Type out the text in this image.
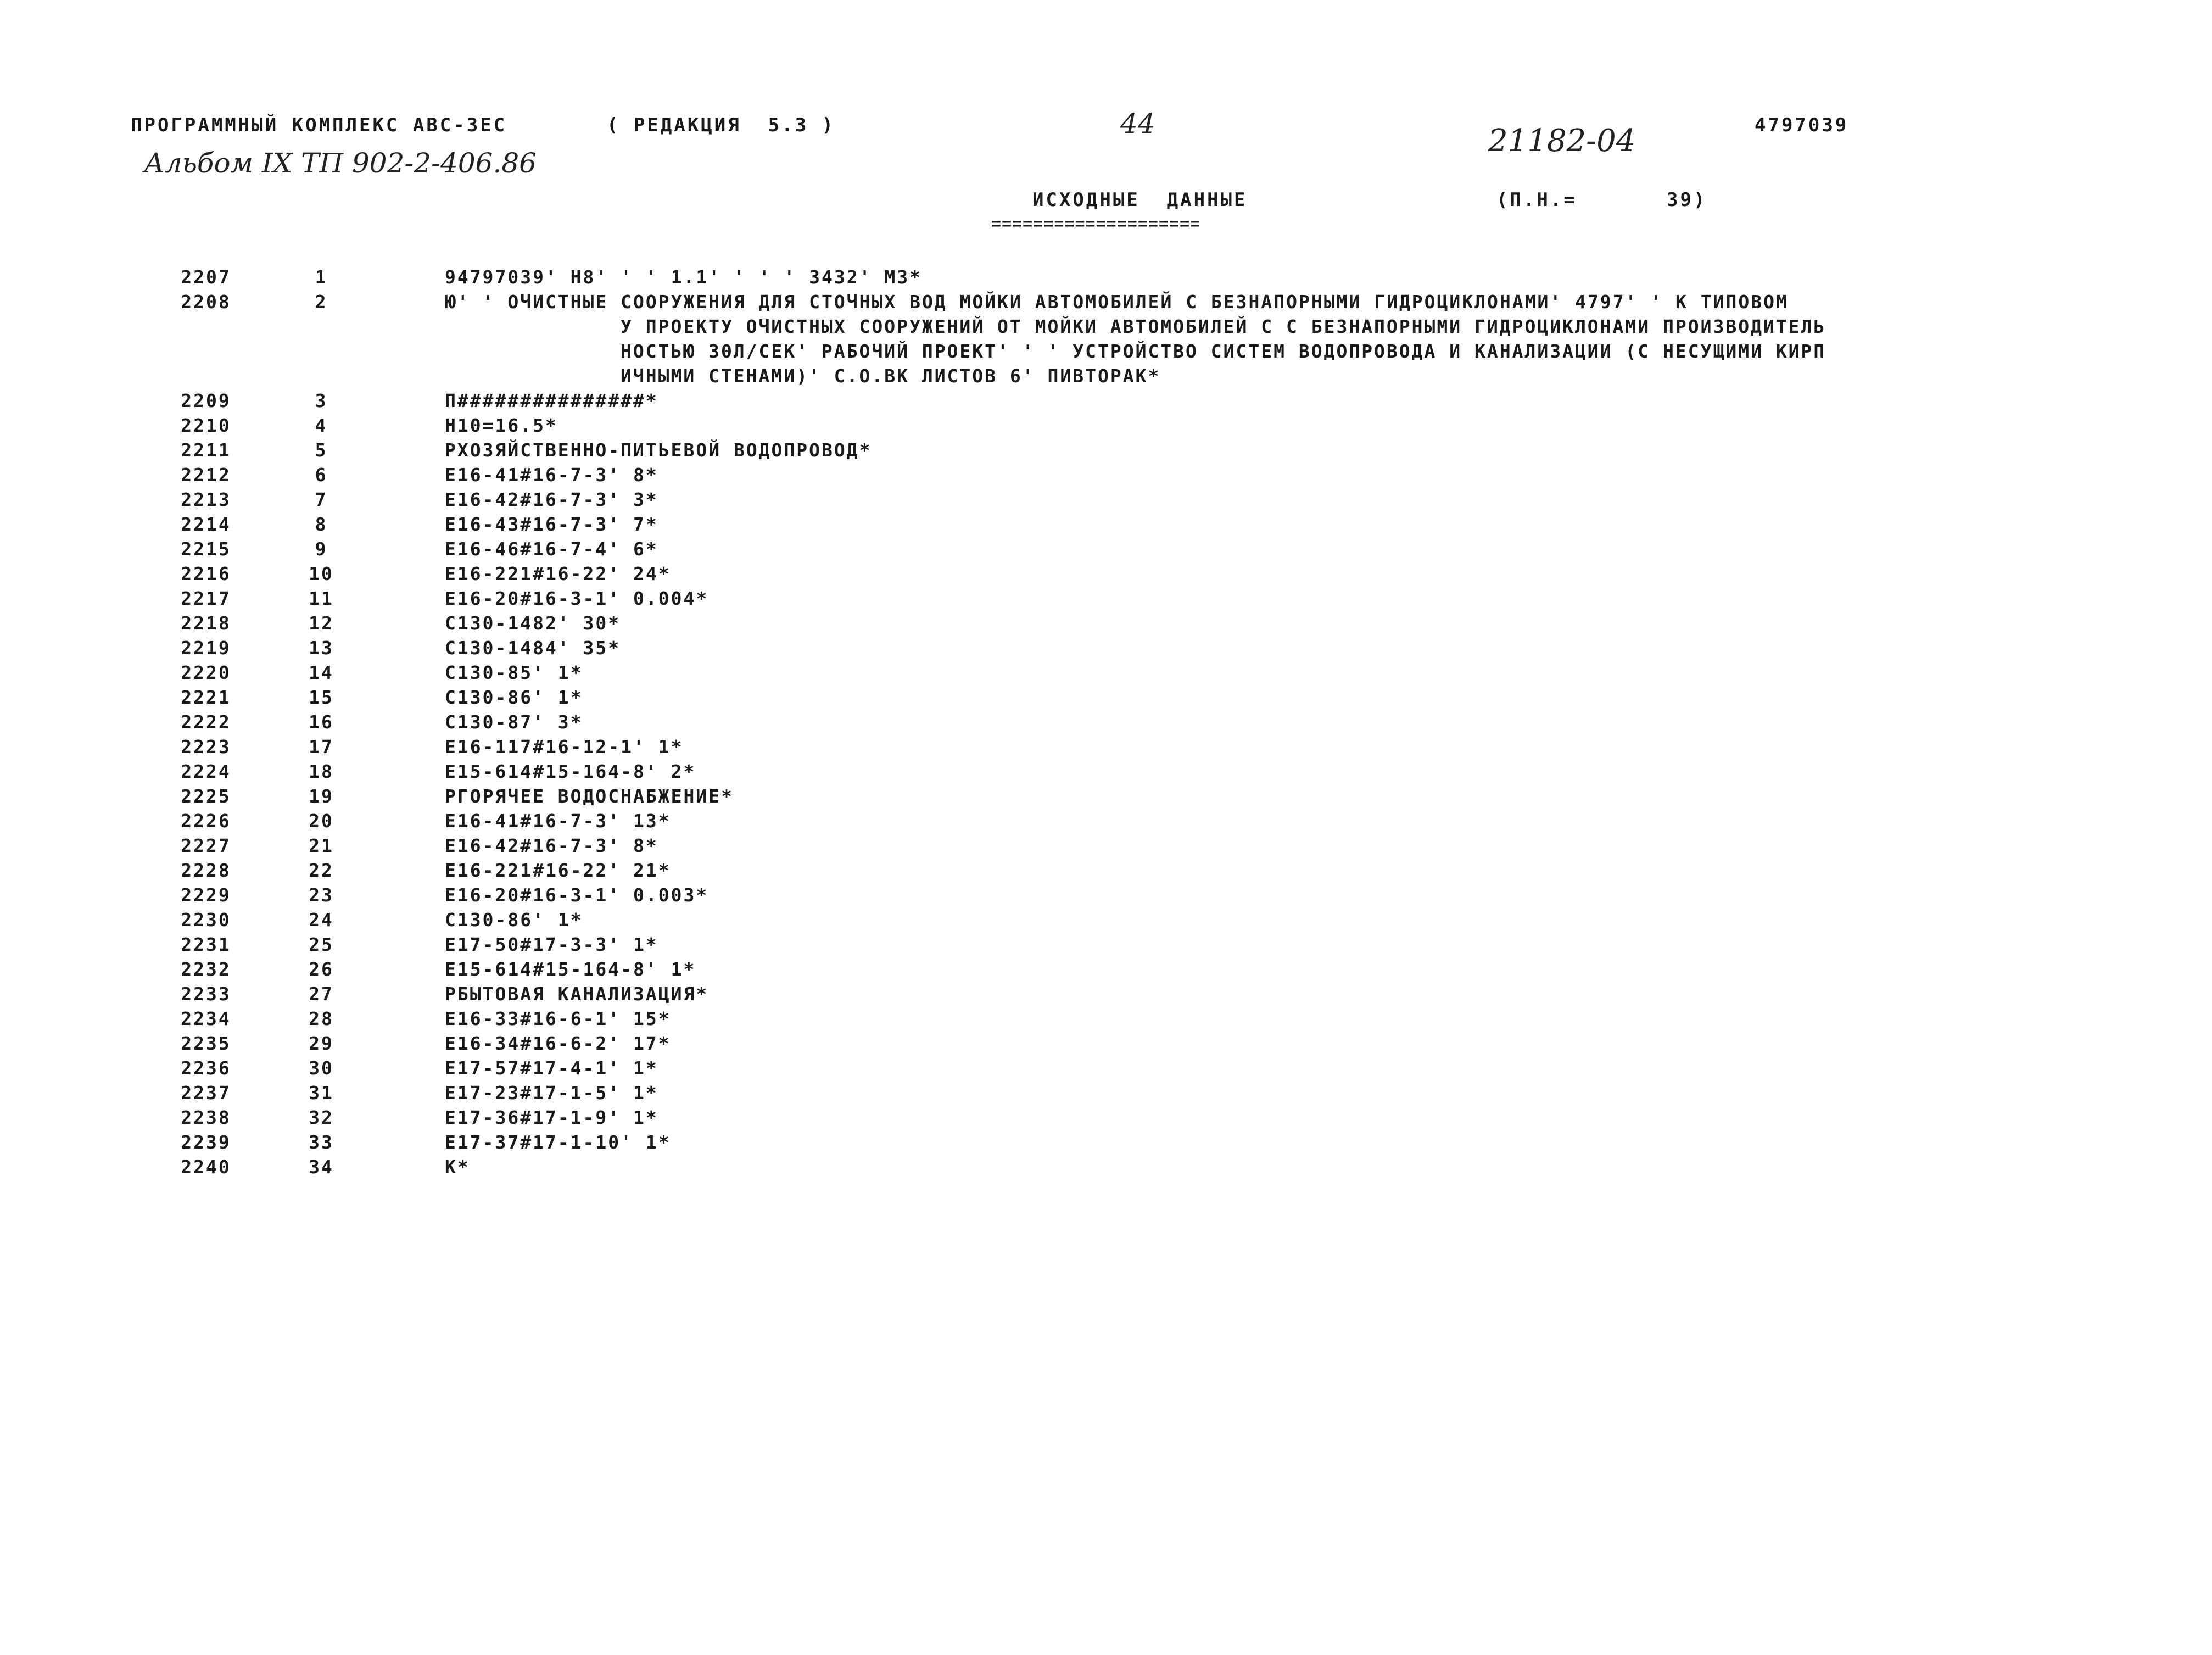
ПРОГРАММНЫЙ КОМПЛЕКС АВС-3ЕС	( РЕДАКЦИЯ  5.3 )	44	21182-04	4797039
Альбом IX ТП 902-2-406.86
ИСХОДНЫЕ  ДАННЫЕ
====================
(П.Н.=	39)
2207	1	94797039' Н8' ' ' 1.1' ' ' ' 3432' М3*
2208	2	Ю' ' ОЧИСТНЫЕ СООРУЖЕНИЯ ДЛЯ СТОЧНЫХ ВОД МОЙКИ АВТОМОБИЛЕЙ С БЕЗНАПОРНЫМИ ГИДРОЦИКЛОНАМИ' 4797' ' К ТИПОВОМ
У ПРОЕКТУ ОЧИСТНЫХ СООРУЖЕНИЙ ОТ МОЙКИ АВТОМОБИЛЕЙ С С БЕЗНАПОРНЫМИ ГИДРОЦИКЛОНАМИ ПРОИЗВОДИТЕЛЬ
НОСТЬЮ 30Л/СЕК' РАБОЧИЙ ПРОЕКТ' ' ' УСТРОЙСТВО СИСТЕМ ВОДОПРОВОДА И КАНАЛИЗАЦИИ (С НЕСУЩИМИ КИРП
ИЧНЫМИ СТЕНАМИ)' С.О.ВК ЛИСТОВ 6' ПИВТОРАК*
2209	3	П###############*
2210	4	Н10=16.5*
2211	5	РХОЗЯЙСТВЕННО-ПИТЬЕВОЙ ВОДОПРОВОД*
2212	6	Е16-41#16-7-3' 8*
2213	7	Е16-42#16-7-3' 3*
2214	8	Е16-43#16-7-3' 7*
2215	9	Е16-46#16-7-4' 6*
2216	10	Е16-221#16-22' 24*
2217	11	Е16-20#16-3-1' 0.004*
2218	12	С130-1482' 30*
2219	13	С130-1484' 35*
2220	14	С130-85' 1*
2221	15	С130-86' 1*
2222	16	С130-87' 3*
2223	17	Е16-117#16-12-1' 1*
2224	18	Е15-614#15-164-8' 2*
2225	19	РГОРЯЧЕЕ ВОДОСНАБЖЕНИЕ*
2226	20	Е16-41#16-7-3' 13*
2227	21	Е16-42#16-7-3' 8*
2228	22	Е16-221#16-22' 21*
2229	23	Е16-20#16-3-1' 0.003*
2230	24	С130-86' 1*
2231	25	Е17-50#17-3-3' 1*
2232	26	Е15-614#15-164-8' 1*
2233	27	РБЫТОВАЯ КАНАЛИЗАЦИЯ*
2234	28	Е16-33#16-6-1' 15*
2235	29	Е16-34#16-6-2' 17*
2236	30	Е17-57#17-4-1' 1*
2237	31	Е17-23#17-1-5' 1*
2238	32	Е17-36#17-1-9' 1*
2239	33	Е17-37#17-1-10' 1*
2240	34	К*
